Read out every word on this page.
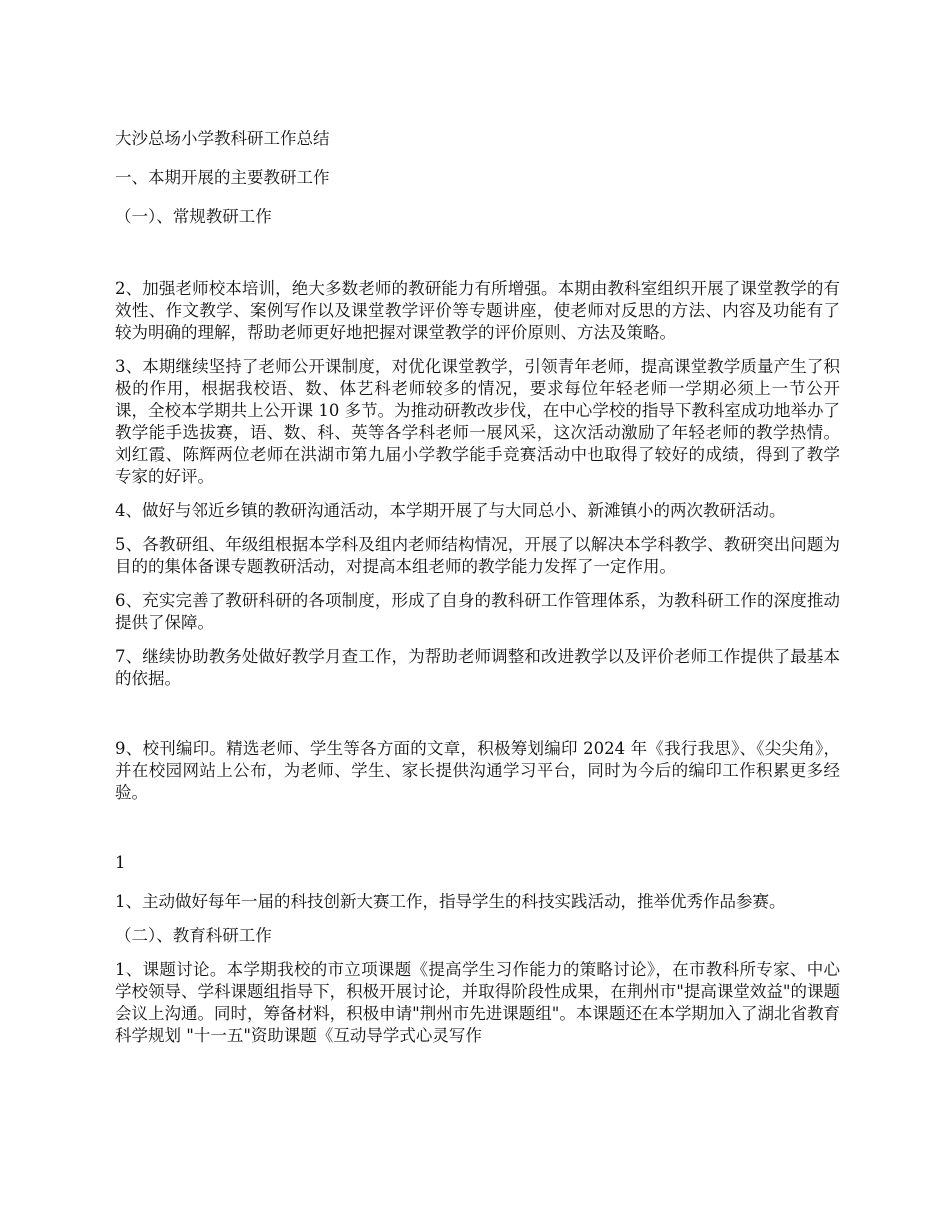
大沙总场小学教科研工作总结

一、本期开展的主要教研工作

（一）、常规教研工作

2、加强老师校本培训，绝大多数老师的教研能力有所增强。本期由教科室组织开展了课堂教学的有效性、作文教学、案例写作以及课堂教学评价等专题讲座，使老师对反思的方法、内容及功能有了较为明确的理解，帮助老师更好地把握对课堂教学的评价原则、方法及策略。

3、本期继续坚持了老师公开课制度，对优化课堂教学，引领青年老师，提高课堂教学质量产生了积极的作用，根据我校语、数、体艺科老师较多的情况，要求每位年轻老师一学期必须上一节公开课，全校本学期共上公开课 10 多节。为推动研教改步伐，在中心学校的指导下教科室成功地举办了教学能手选拔赛，语、数、科、英等各学科老师一展风采，这次活动激励了年轻老师的教学热情。刘红霞、陈辉两位老师在洪湖市第九届小学教学能手竞赛活动中也取得了较好的成绩，得到了教学专家的好评。

4、做好与邻近乡镇的教研沟通活动，本学期开展了与大同总小、新滩镇小的两次教研活动。

5、各教研组、年级组根据本学科及组内老师结构情况，开展了以解决本学科教学、教研突出问题为目的的集体备课专题教研活动，对提高本组老师的教学能力发挥了一定作用。

6、充实完善了教研科研的各项制度，形成了自身的教科研工作管理体系，为教科研工作的深度推动提供了保障。

7、继续协助教务处做好教学月查工作，为帮助老师调整和改进教学以及评价老师工作提供了最基本的依据。

9、校刊编印。精选老师、学生等各方面的文章，积极筹划编印 2024 年《我行我思》、《尖尖角》，并在校园网站上公布，为老师、学生、家长提供沟通学习平台，同时为今后的编印工作积累更多经验。

1

1、主动做好每年一届的科技创新大赛工作，指导学生的科技实践活动，推举优秀作品参赛。

（二）、教育科研工作

1、课题讨论。本学期我校的市立项课题《提高学生习作能力的策略讨论》，在市教科所专家、中心学校领导、学科课题组指导下，积极开展讨论，并取得阶段性成果，在荆州市"提高课堂效益"的课题会议上沟通。同时，筹备材料，积极申请"荆州市先进课题组"。本课题还在本学期加入了湖北省教育科学规划 "十一五"资助课题《互动导学式心灵写作
